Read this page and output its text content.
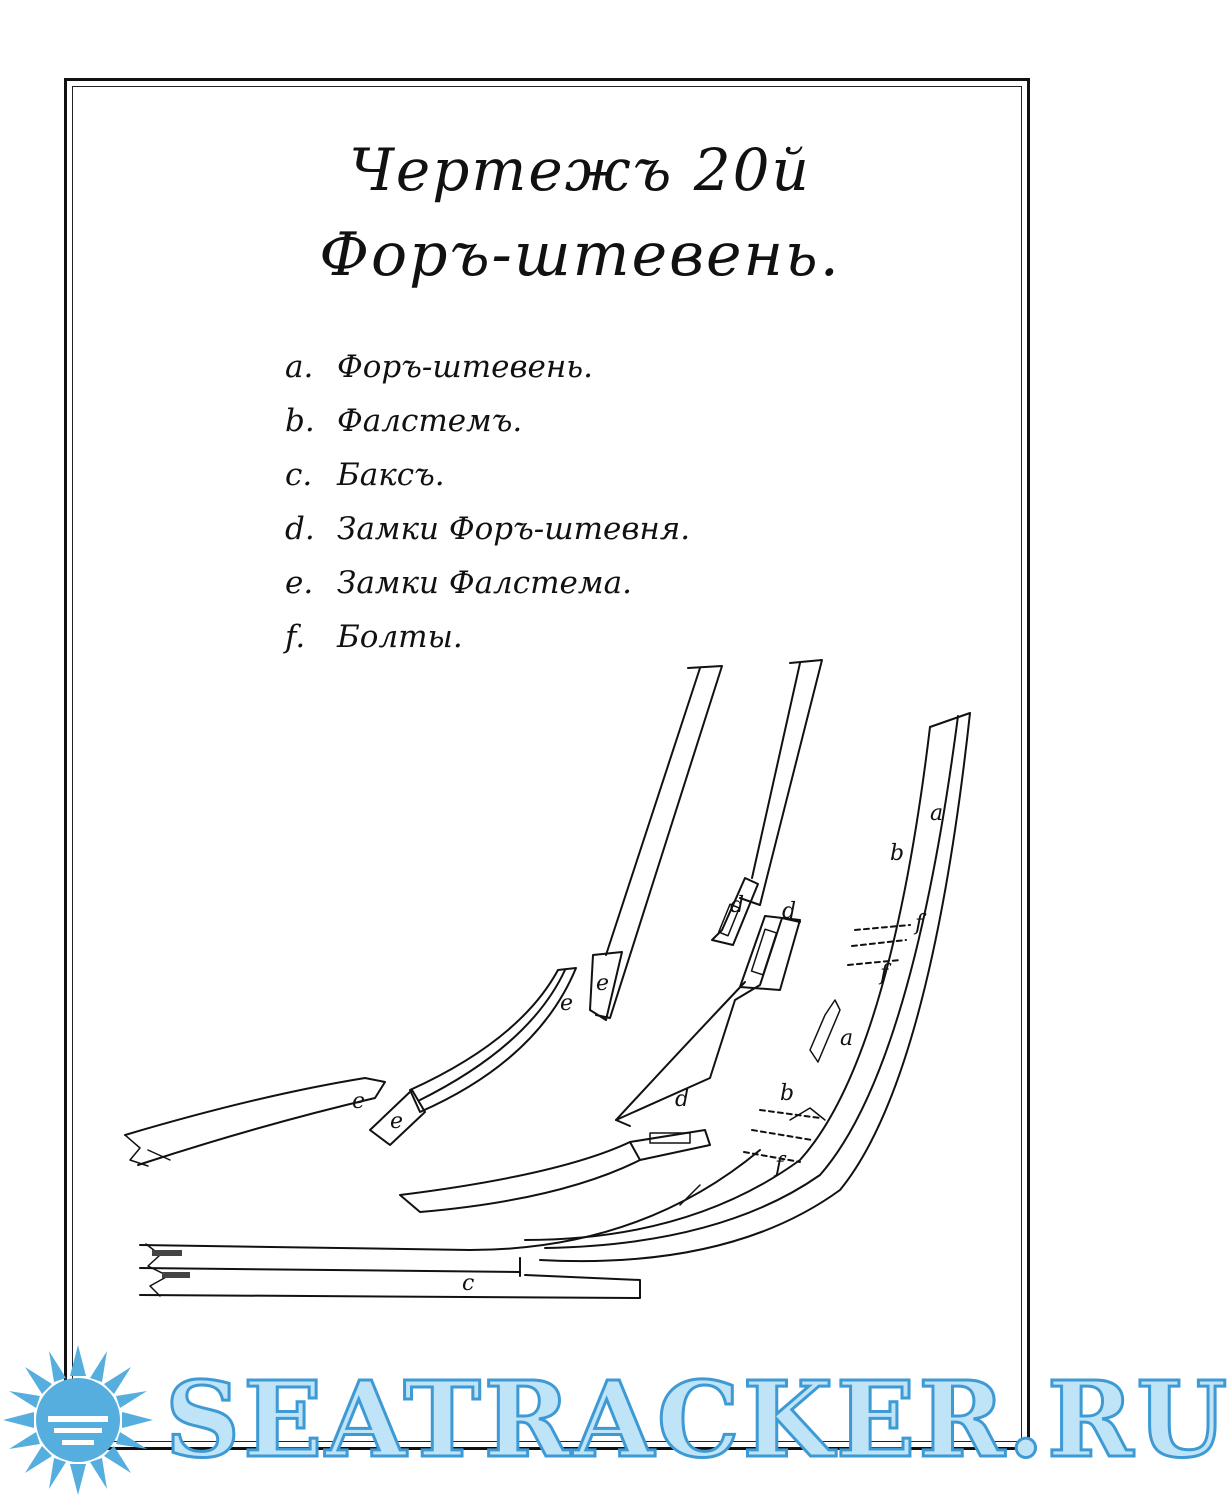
Чертежъ 20й
Форъ-штевень.
a. Форъ-штевень.
b. Фалстемъ.
c. Баксъ.
d. Замки Форъ-штевня.
e. Замки Фалстема.
f. Болты.
a
a
b
b
c
d
d
d
e
e
e
e
f
f
f
SEATRACKER.RU
